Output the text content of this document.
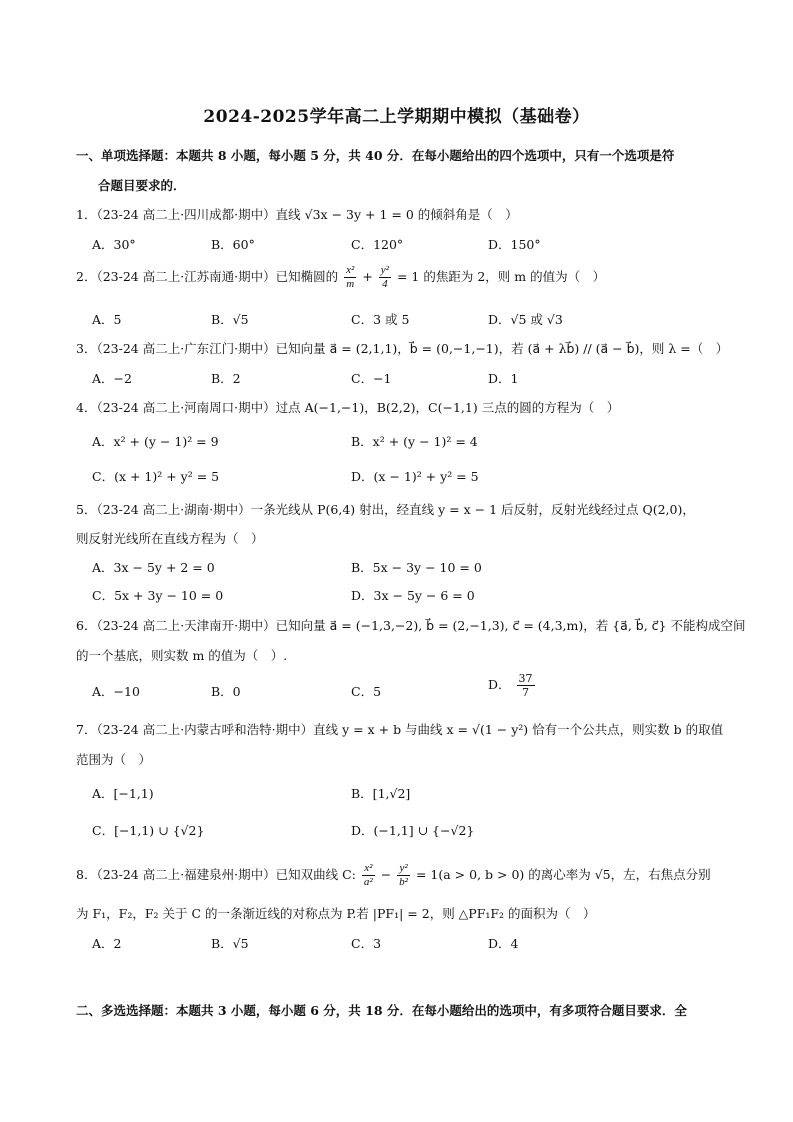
2024-2025学年高二上学期期中模拟（基础卷）
一、单项选择题：本题共 8 小题，每小题 5 分，共 40 分．在每小题给出的四个选项中，只有一个选项是符
合题目要求的．
1．（23-24 高二上·四川成都·期中）直线 √3x − 3y + 1 = 0 的倾斜角是（　）
A．30°	B．60°	C．120°	D．150°
2．（23-24 高二上·江苏南通·期中）已知椭圆的 $\frac{\text{x²}}{m} + \frac{\text{y²}}{4} = 1$ 的焦距为 2，则 m 的值为（　）
A．5	B．√5	C．3 或 5	D．√5 或 √3
3．（23-24 高二上·广东江门·期中）已知向量 a⃗ = (2,1,1)，b⃗ = (0,−1,−1)，若 (a⃗ + λb⃗) // (a⃗ − b⃗)，则 λ =（　）
A．−2	B．2	C．−1	D．1
4．（23-24 高二上·河南周口·期中）过点 A(−1,−1)，B(2,2)，C(−1,1) 三点的圆的方程为（　）
A．x² + (y − 1)² = 9	B．x² + (y − 1)² = 4
C．(x + 1)² + y² = 5	D．(x − 1)² + y² = 5
5．（23-24 高二上·湖南·期中）一条光线从 P(6,4) 射出，经直线 y = x − 1 后反射，反射光线经过点 Q(2,0)，
则反射光线所在直线方程为（　）
A．3x − 5y + 2 = 0	B．5x − 3y − 10 = 0
C．5x + 3y − 10 = 0	D．3x − 5y − 6 = 0
6．（23-24 高二上·天津南开·期中）已知向量 a⃗ = (−1,3,−2), b⃗ = (2,−1,3), c⃗ = (4,3,m)，若 {a⃗, b⃗, c⃗} 不能构成空间
的一个基底，则实数 m 的值为（　）.
A．−10	B．0	C．5	D． $\frac{37}{7}$
7．（23-24 高二上·内蒙古呼和浩特·期中）直线 y = x + b 与曲线 x = √(1 − y²) 恰有一个公共点，则实数 b 的取值
范围为（　）
A．[−1,1)	B．[1,√2]
C．[−1,1) ∪ {√2}	D．(−1,1] ∪ {−√2}
8．（23-24 高二上·福建泉州·期中）已知双曲线 C: $\frac{\text{x²}}{\text{a²}} - \frac{\text{y²}}{\text{b²}} = 1(a > 0$, b > 0) 的离心率为 √5，左，右焦点分别
为 F₁，F₂，F₂ 关于 C 的一条渐近线的对称点为 P.若 |PF₁| = 2，则 △PF₁F₂ 的面积为（　）
A．2	B．√5	C．3	D．4
二、多选选择题：本题共 3 小题，每小题 6 分，共 18 分．在每小题给出的选项中，有多项符合题目要求．全
